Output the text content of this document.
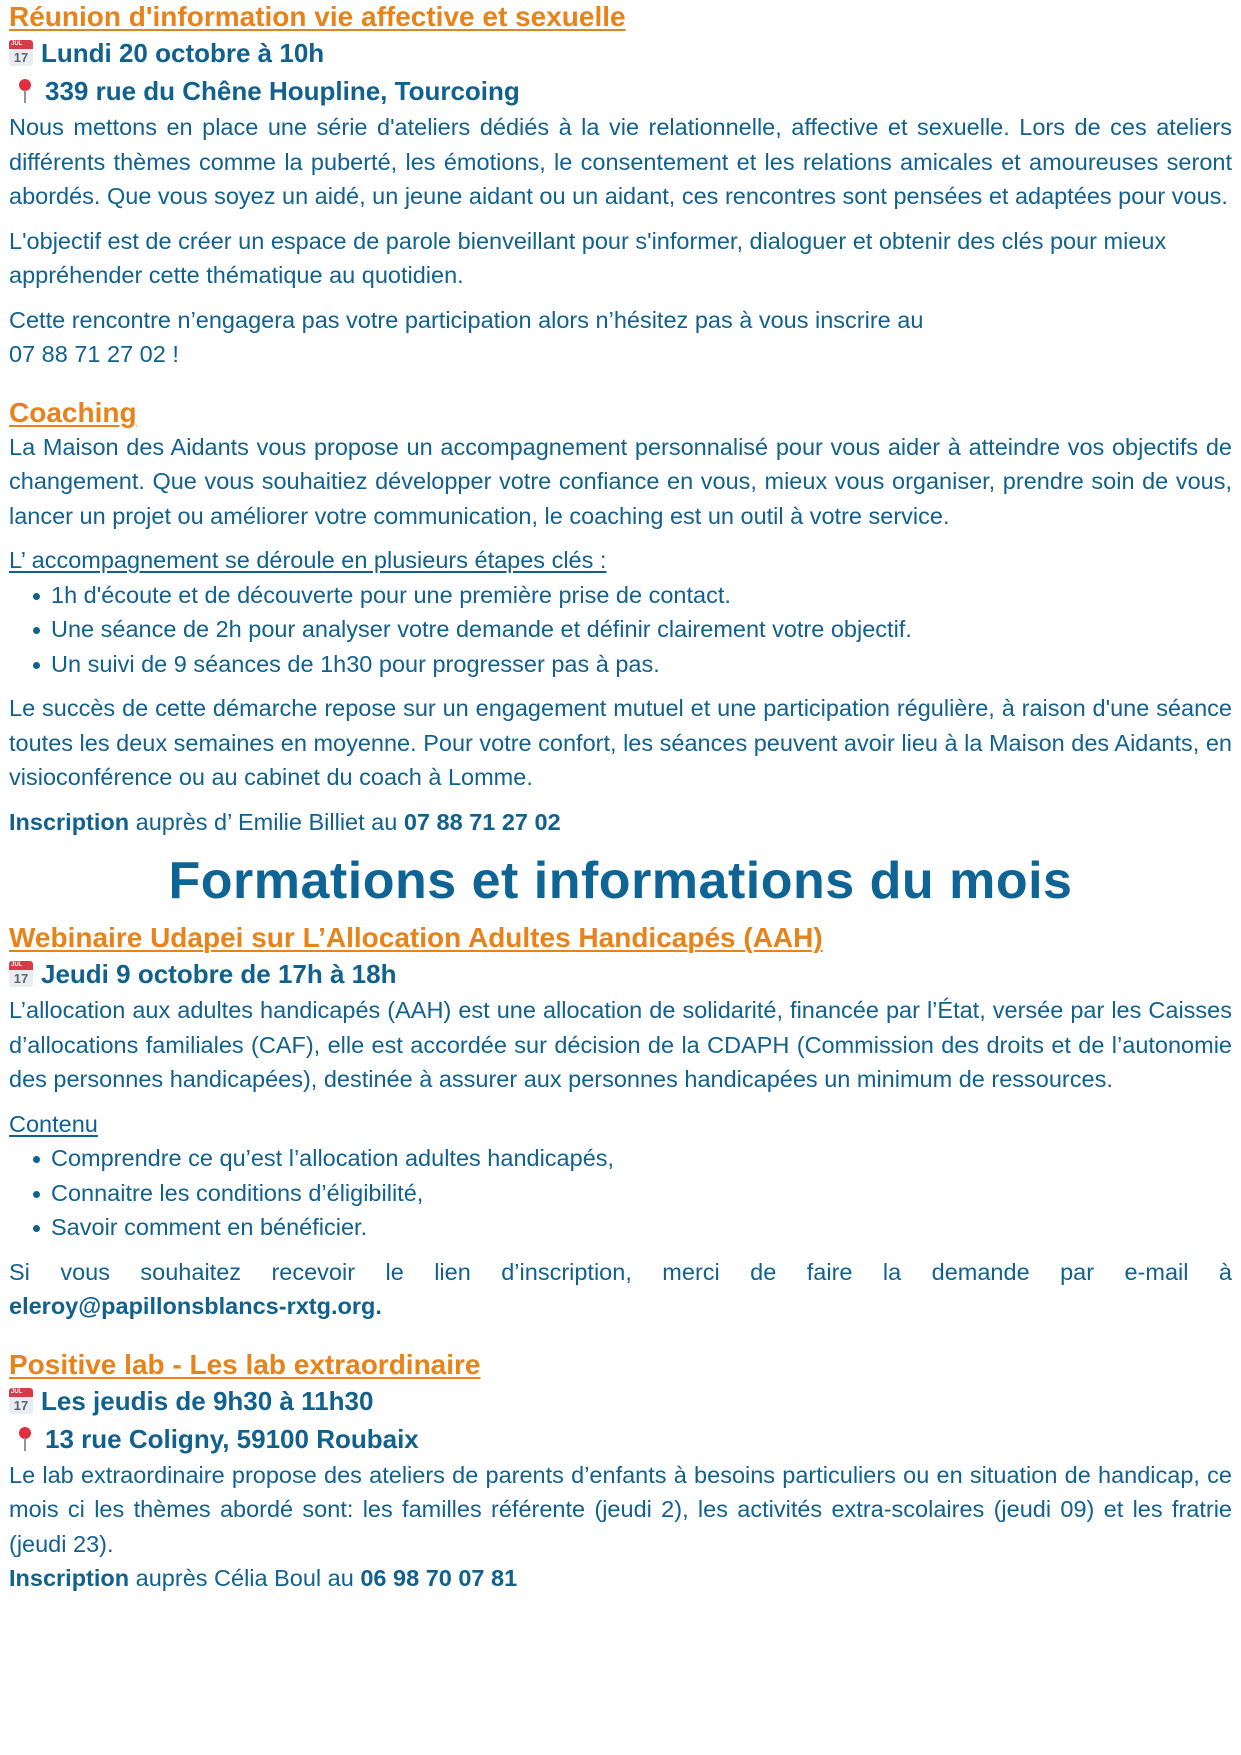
Réunion d'information vie affective et sexuelle
JUL
17 Lundi 20 octobre à 10h
339 rue du Chêne Houpline, Tourcoing

Nous mettons en place une série d'ateliers dédiés à la vie relationnelle, affective et sexuelle. Lors de ces ateliers différents thèmes comme la puberté, les émotions, le consentement et les relations amicales et amoureuses seront abordés. Que vous soyez un aidé, un jeune aidant ou un aidant, ces rencontres sont pensées et adaptées pour vous.

L'objectif est de créer un espace de parole bienveillant pour s'informer, dialoguer et obtenir des clés pour mieux appréhender cette thématique au quotidien.

Cette rencontre n’engagera pas votre participation alors n’hésitez pas à vous inscrire au
07 88 71 27 02 !

Coaching

La Maison des Aidants vous propose un accompagnement personnalisé pour vous aider à atteindre vos objectifs de changement. Que vous souhaitiez développer votre confiance en vous, mieux vous organiser, prendre soin de vous, lancer un projet ou améliorer votre communication, le coaching est un outil à votre service.

L’ accompagnement se déroule en plusieurs étapes clés :
1h d'écoute et de découverte pour une première prise de contact.
Une séance de 2h pour analyser votre demande et définir clairement votre objectif.
Un suivi de 9 séances de 1h30 pour progresser pas à pas.

Le succès de cette démarche repose sur un engagement mutuel et une participation régulière, à raison d'une séance toutes les deux semaines en moyenne. Pour votre confort, les séances peuvent avoir lieu à la Maison des Aidants, en visioconférence ou au cabinet du coach à Lomme.

Inscription auprès d’ Emilie Billiet au 07 88 71 27 02

Formations et informations du mois
Webinaire Udapei sur L’Allocation Adultes Handicapés (AAH)
JUL
17 Jeudi 9 octobre de 17h à 18h

L’allocation aux adultes handicapés (AAH) est une allocation de solidarité, financée par l’État, versée par les Caisses d’allocations familiales (CAF), elle est accordée sur décision de la CDAPH (Commission des droits et de l’autonomie des personnes handicapées), destinée à assurer aux personnes handicapées un minimum de ressources.

Contenu
Comprendre ce qu’est l’allocation adultes handicapés,
Connaitre les conditions d’éligibilité,
Savoir comment en bénéficier.

Si vous souhaitez recevoir le lien d’inscription, merci de faire la demande par e-mail à

eleroy@papillonsblancs-rxtg.org.

Positive lab - Les lab extraordinaire
JUL
17 Les jeudis de 9h30 à 11h30
13 rue Coligny, 59100 Roubaix

Le lab extraordinaire propose des ateliers de parents d’enfants à besoins particuliers ou en situation de handicap, ce mois ci les thèmes abordé sont: les familles référente (jeudi 2), les activités extra-scolaires (jeudi 09) et les fratrie (jeudi 23).

Inscription auprès Célia Boul au 06 98 70 07 81
